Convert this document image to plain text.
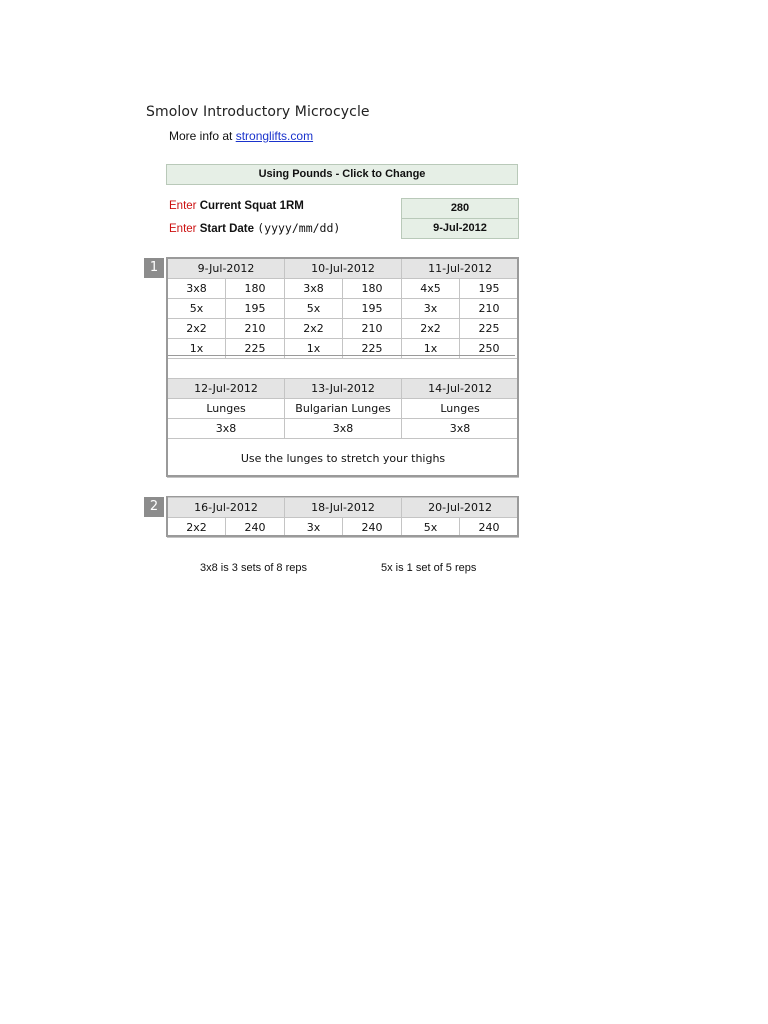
Smolov Introductory Microcycle
More info at stronglifts.com
Using Pounds - Click to Change
Enter Current Squat 1RM	280
Enter Start Date (yyyy/mm/dd)	9-Jul-2012
1	9-Jul-2012		10-Jul-2012		11-Jul-2012	
3x8	180	3x8	180	4x5	195
5x	195	5x	195	3x	210
2x2	210	2x2	210	2x2	225
1x	225	1x	225	1x	250

12-Jul-2012		13-Jul-2012		14-Jul-2012	
Lunges		Bulgarian Lunges		Lunges	
3x8		3x8		3x8	
Use the lunges to stretch your thighs					
2	16-Jul-2012		18-Jul-2012		20-Jul-2012	
2x2	240	3x	240	5x	240
3x8 is 3 sets of 8 reps	5x is 1 set of 5 reps
